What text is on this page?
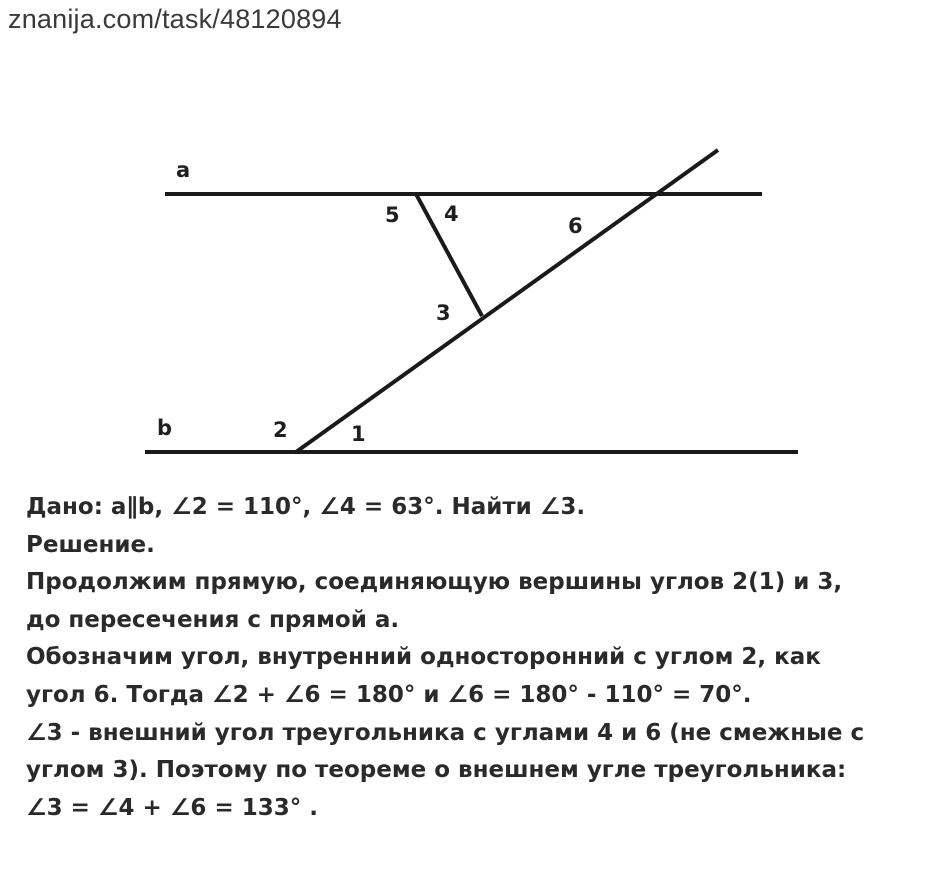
znanija.com/task/48120894
a
b	1
2
3
4
5	6
Дано: a∥b, ∠2 = 110°, ∠4 = 63°. Найти ∠3.
Решение.
Продолжим прямую, соединяющую вершины углов 2(1) и 3,
до пересечения с прямой a.
Обозначим угол, внутренний односторонний с углом 2, как
угол 6. Тогда ∠2 + ∠6 = 180° и ∠6 = 180° - 110° = 70°.
∠3 - внешний угол треугольника с углами 4 и 6 (не смежные с
углом 3). Поэтому по теореме о внешнем угле треугольника:
∠3 = ∠4 + ∠6 = 133° .
